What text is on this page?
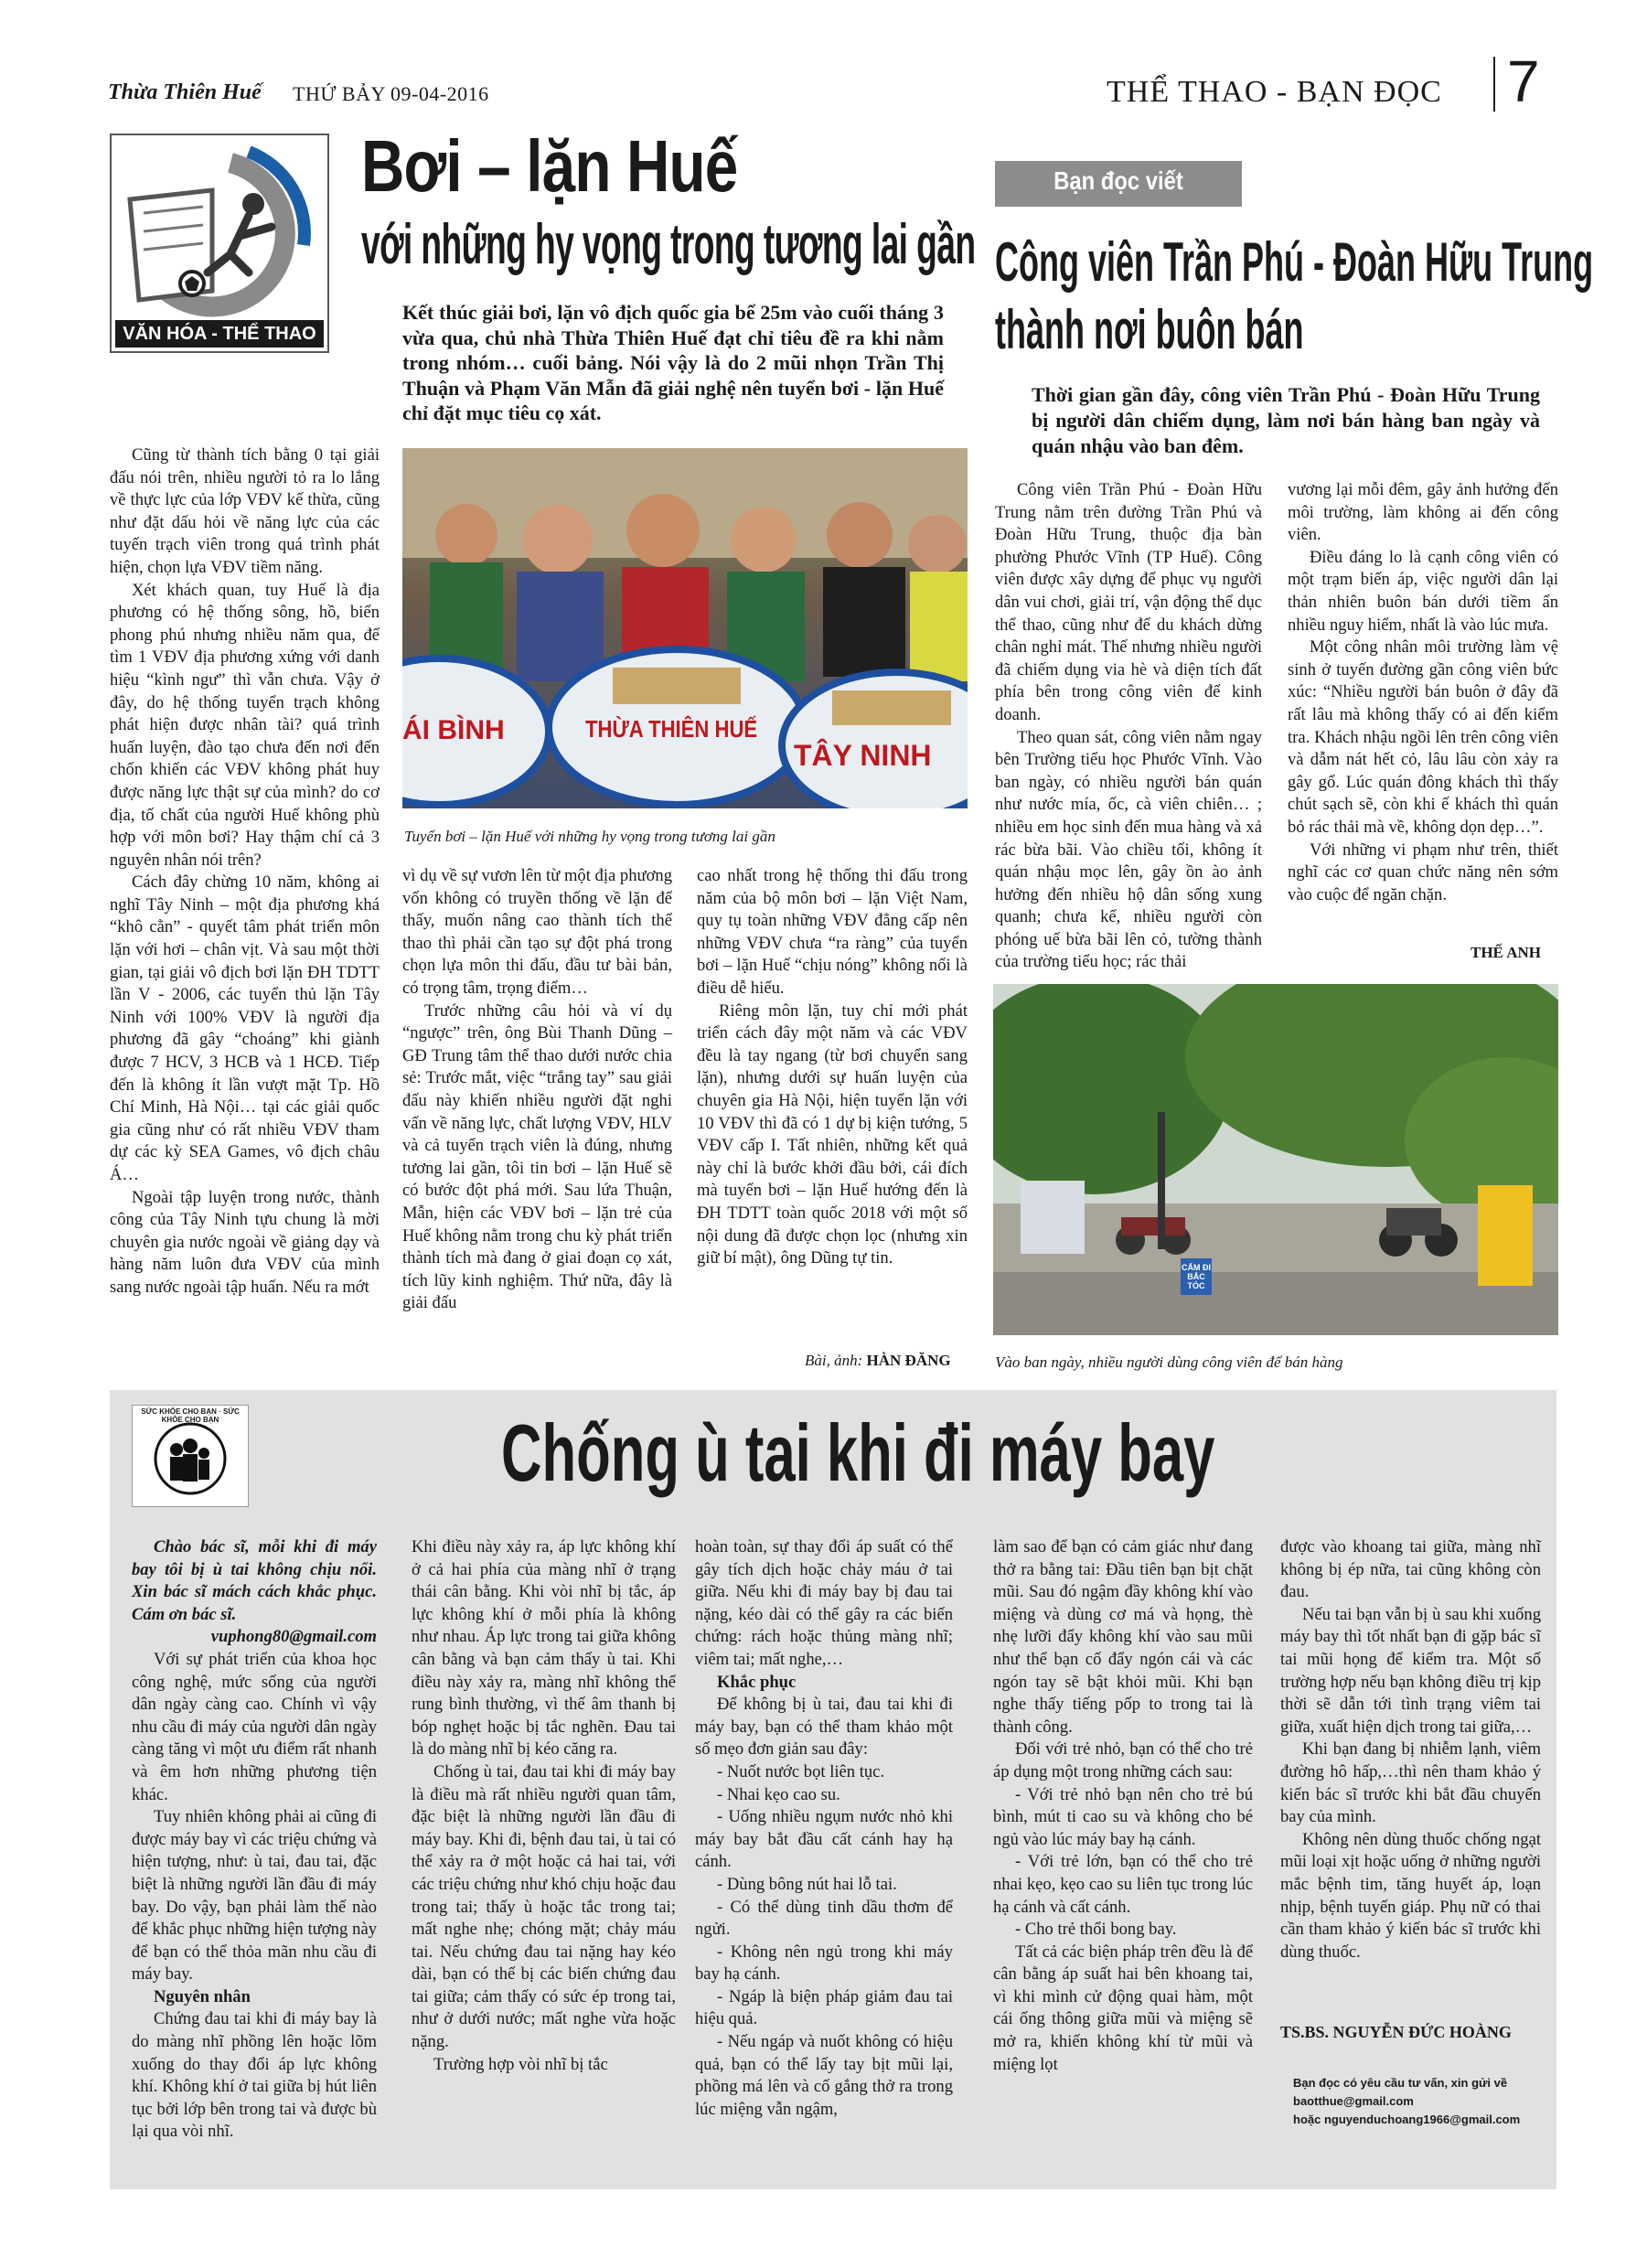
Thừa Thiên Huế THỨ BẢY 09-04-2016	THỂ THAO - BẠN ĐỌC 7
VĂN HÓA - THỂ THAO
Bơi – lặn Huế
với những hy vọng trong tương lai gần
Kết thúc giải bơi, lặn vô địch quốc gia bể 25m vào cuối tháng 3 vừa qua, chủ nhà Thừa Thiên Huế đạt chỉ tiêu đề ra khi nằm trong nhóm… cuối bảng. Nói vậy là do 2 mũi nhọn Trần Thị Thuận và Phạm Văn Mẫn đã giải nghệ nên tuyển bơi - lặn Huế chỉ đặt mục tiêu cọ xát.
ÁI BÌNH	THỪA THIÊN HUẾ
TÂY NINH
Tuyển bơi – lặn Huế với những hy vọng trong tương lai gần

Cũng từ thành tích bằng 0 tại giải đấu nói trên, nhiều người tỏ ra lo lắng về thực lực của lớp VĐV kế thừa, cũng như đặt dấu hỏi về năng lực của các tuyến trạch viên trong quá trình phát hiện, chọn lựa VĐV tiềm năng.

Xét khách quan, tuy Huế là địa phương có hệ thống sông, hồ, biển phong phú nhưng nhiều năm qua, để tìm 1 VĐV địa phương xứng với danh hiệu “kình ngư” thì vẫn chưa. Vậy ở đây, do hệ thống tuyển trạch không phát hiện được nhân tài? quá trình huấn luyện, đào tạo chưa đến nơi đến chốn khiến các VĐV không phát huy được năng lực thật sự của mình? do cơ địa, tố chất của người Huế không phù hợp với môn bơi? Hay thậm chí cả 3 nguyên nhân nói trên?

Cách đây chừng 10 năm, không ai nghĩ Tây Ninh – một địa phương khá “khô cằn” - quyết tâm phát triển môn lặn với hơi – chân vịt. Và sau một thời gian, tại giải vô địch bơi lặn ĐH TDTT lần V - 2006, các tuyển thủ lặn Tây Ninh với 100% VĐV là người địa phương đã gây “choáng” khi giành được 7 HCV, 3 HCB và 1 HCĐ. Tiếp đến là không ít lần vượt mặt Tp. Hồ Chí Minh, Hà Nội… tại các giải quốc gia cũng như có rất nhiều VĐV tham dự các kỳ SEA Games, vô địch châu Á…

Ngoài tập luyện trong nước, thành công của Tây Ninh tựu chung là mời chuyên gia nước ngoài về giảng dạy và hàng năm luôn đưa VĐV của mình sang nước ngoài tập huấn. Nếu ra mớt

vì dụ về sự vươn lên từ một địa phương vốn không có truyền thống về lặn để thấy, muốn nâng cao thành tích thể thao thì phải cần tạo sự đột phá trong chọn lựa môn thi đấu, đầu tư bài bản, có trọng tâm, trọng điểm…

Trước những câu hỏi và ví dụ “ngược” trên, ông Bùi Thanh Dũng – GĐ Trung tâm thể thao dưới nước chia sẻ: Trước mắt, việc “trắng tay” sau giải đấu này khiến nhiều người đặt nghi vấn về năng lực, chất lượng VĐV, HLV và cả tuyển trạch viên là đúng, nhưng tương lai gần, tôi tin bơi – lặn Huế sẽ có bước đột phá mới. Sau lứa Thuận, Mẫn, hiện các VĐV bơi – lặn trẻ của Huế không nằm trong chu kỳ phát triển thành tích mà đang ở giai đoạn cọ xát, tích lũy kinh nghiệm. Thứ nữa, đây là giải đấu

cao nhất trong hệ thống thi đấu trong năm của bộ môn bơi – lặn Việt Nam, quy tụ toàn những VĐV đẳng cấp nên những VĐV chưa “ra ràng” của tuyển bơi – lặn Huế “chịu nóng” không nổi là điều dễ hiểu.

Riêng môn lặn, tuy chỉ mới phát triển cách đây một năm và các VĐV đều là tay ngang (từ bơi chuyển sang lặn), nhưng dưới sự huấn luyện của chuyên gia Hà Nội, hiện tuyển lặn với 10 VĐV thì đã có 1 dự bị kiện tướng, 5 VĐV cấp I. Tất nhiên, những kết quả này chỉ là bước khởi đầu bởi, cái đích mà tuyển bơi – lặn Huế hướng đến là ĐH TDTT toàn quốc 2018 với một số nội dung đã được chọn lọc (nhưng xin giữ bí mật), ông Dũng tự tin.

Bài, ảnh: HÀN ĐĂNG
Bạn đọc viết
Công viên Trần Phú - Đoàn Hữu Trung
thành nơi buôn bán
Thời gian gần đây, công viên Trần Phú - Đoàn Hữu Trung bị người dân chiếm dụng, làm nơi bán hàng ban ngày và quán nhậu vào ban đêm.

Công viên Trần Phú - Đoàn Hữu Trung nằm trên đường Trần Phú và Đoàn Hữu Trung, thuộc địa bàn phường Phước Vĩnh (TP Huế). Công viên được xây dựng để phục vụ người dân vui chơi, giải trí, vận động thể dục thể thao, cũng như để du khách dừng chân nghỉ mát. Thế nhưng nhiều người đã chiếm dụng via hè và diện tích đất phía bên trong công viên để kinh doanh.

Theo quan sát, công viên nằm ngay bên Trường tiểu học Phước Vĩnh. Vào ban ngày, có nhiều người bán quán như nước mía, ốc, cà viên chiên… ; nhiều em học sinh đến mua hàng và xả rác bừa bãi. Vào chiều tối, không ít quán nhậu mọc lên, gây ồn ào ảnh hưởng đến nhiều hộ dân sống xung quanh; chưa kể, nhiều người còn phóng uế bừa bãi lên cỏ, tường thành của trường tiểu học; rác thải

vương lại mỗi đêm, gây ảnh hưởng đến môi trường, làm không ai đến công viên.

Điều đáng lo là cạnh công viên có một trạm biến áp, việc người dân lại thản nhiên buôn bán dưới tiềm ẩn nhiều nguy hiểm, nhất là vào lúc mưa.

Một công nhân môi trường làm vệ sinh ở tuyến đường gần công viên bức xúc: “Nhiều người bán buôn ở đây đã rất lâu mà không thấy có ai đến kiểm tra. Khách nhậu ngồi lên trên công viên và dẫm nát hết cỏ, lâu lâu còn xảy ra gây gổ. Lúc quán đông khách thì thấy chút sạch sẽ, còn khi ế khách thì quán bỏ rác thải mà về, không dọn dẹp…”.

Với những vi phạm như trên, thiết nghĩ các cơ quan chức năng nên sớm vào cuộc để ngăn chặn.

THẾ ANH
CẤM ĐI BẮC TÓC
Vào ban ngày, nhiều người dùng công viên để bán hàng
SỨC KHỎE CHO BẠN · SỨC KHỎE CHO BẠN	Chống ù tai khi đi máy bay

Chào bác sĩ, mỗi khi đi máy bay tôi bị ù tai không chịu nổi. Xin bác sĩ mách cách khắc phục. Cám ơn bác sĩ.

vuphong80@gmail.com

Với sự phát triển của khoa học công nghệ, mức sống của người dân ngày càng cao. Chính vì vậy nhu cầu đi máy của người dân ngày càng tăng vì một ưu điểm rất nhanh và êm hơn những phương tiện khác.

Tuy nhiên không phải ai cũng đi được máy bay vì các triệu chứng và hiện tượng, như: ù tai, đau tai, đặc biệt là những người lần đầu đi máy bay. Do vậy, bạn phải làm thế nào để khắc phục những hiện tượng này để bạn có thể thỏa mãn nhu cầu đi máy bay.

Nguyên nhân

Chứng đau tai khi đi máy bay là do màng nhĩ phồng lên hoặc lõm xuống do thay đổi áp lực không khí. Không khí ở tai giữa bị hút liên tục bởi lớp bên trong tai và được bù lại qua vòi nhĩ.

Khi điều này xảy ra, áp lực không khí ở cả hai phía của màng nhĩ ở trạng thái cân bằng. Khi vòi nhĩ bị tắc, áp lực không khí ở mỗi phía là không như nhau. Áp lực trong tai giữa không cân bằng và bạn cảm thấy ù tai. Khi điều này xảy ra, màng nhĩ không thể rung bình thường, vì thế âm thanh bị bóp nghẹt hoặc bị tắc nghẽn. Đau tai là do màng nhĩ bị kéo căng ra.

Chống ù tai, đau tai khi đi máy bay là điều mà rất nhiều người quan tâm, đặc biệt là những người lần đầu đi máy bay. Khi đi, bệnh đau tai, ù tai có thể xảy ra ở một hoặc cả hai tai, với các triệu chứng như khó chịu hoặc đau trong tai; thấy ù hoặc tắc trong tai; mất nghe nhẹ; chóng mặt; chảy máu tai. Nếu chứng đau tai nặng hay kéo dài, bạn có thể bị các biến chứng đau tai giữa; cảm thấy có sức ép trong tai, như ở dưới nước; mất nghe vừa hoặc nặng.

Trường hợp vòi nhĩ bị tắc

hoàn toàn, sự thay đổi áp suất có thể gây tích dịch hoặc chảy máu ở tai giữa. Nếu khi đi máy bay bị đau tai nặng, kéo dài có thể gây ra các biến chứng: rách hoặc thủng màng nhĩ; viêm tai; mất nghe,…

Khắc phục

Để không bị ù tai, đau tai khi đi máy bay, bạn có thể tham khảo một số mẹo đơn giản sau đây:

- Nuốt nước bọt liên tục.

- Nhai kẹo cao su.

- Uống nhiều ngụm nước nhỏ khi máy bay bắt đầu cất cánh hay hạ cánh.

- Dùng bông nút hai lỗ tai.

- Có thể dùng tinh dầu thơm để ngửi.

- Không nên ngủ trong khi máy bay hạ cánh.

- Ngáp là biện pháp giảm đau tai hiệu quả.

- Nếu ngáp và nuốt không có hiệu quả, bạn có thể lấy tay bịt mũi lại, phồng má lên và cố gắng thở ra trong lúc miệng vẫn ngậm,

làm sao để bạn có cảm giác như đang thở ra bằng tai: Đầu tiên bạn bịt chặt mũi. Sau đó ngậm đầy không khí vào miệng và dùng cơ má và họng, thè nhẹ lưỡi đẩy không khí vào sau mũi như thể bạn cố đẩy ngón cái và các ngón tay sẽ bật khỏi mũi. Khi bạn nghe thấy tiếng pốp to trong tai là thành công.

Đối với trẻ nhỏ, bạn có thể cho trẻ áp dụng một trong những cách sau:

- Với trẻ nhỏ bạn nên cho trẻ bú bình, mút ti cao su và không cho bé ngủ vào lúc máy bay hạ cánh.

- Với trẻ lớn, bạn có thể cho trẻ nhai kẹo, kẹo cao su liên tục trong lúc hạ cánh và cất cánh.

- Cho trẻ thổi bong bay.

Tất cả các biện pháp trên đều là để cân bằng áp suất hai bên khoang tai, vì khi mình cử động quai hàm, một cái ống thông giữa mũi và miệng sẽ mở ra, khiến không khí từ mũi và miệng lọt

được vào khoang tai giữa, màng nhĩ không bị ép nữa, tai cũng không còn đau.

Nếu tai bạn vẫn bị ù sau khi xuống máy bay thì tốt nhất bạn đi gặp bác sĩ tai mũi họng để kiểm tra. Một số trường hợp nếu bạn không điều trị kịp thời sẽ dẫn tới tình trạng viêm tai giữa, xuất hiện dịch trong tai giữa,…

Khi bạn đang bị nhiễm lạnh, viêm đường hô hấp,…thì nên tham khảo ý kiến bác sĩ trước khi bắt đầu chuyến bay của mình.

Không nên dùng thuốc chống ngạt mũi loại xịt hoặc uống ở những người mắc bệnh tim, tăng huyết áp, loạn nhịp, bệnh tuyến giáp. Phụ nữ có thai cần tham khảo ý kiến bác sĩ trước khi dùng thuốc.

TS.BS. NGUYỄN ĐỨC HOÀNG
Bạn đọc có yêu cầu tư vấn, xin gửi về
baotthue@gmail.com
hoặc nguyenduchoang1966@gmail.com
